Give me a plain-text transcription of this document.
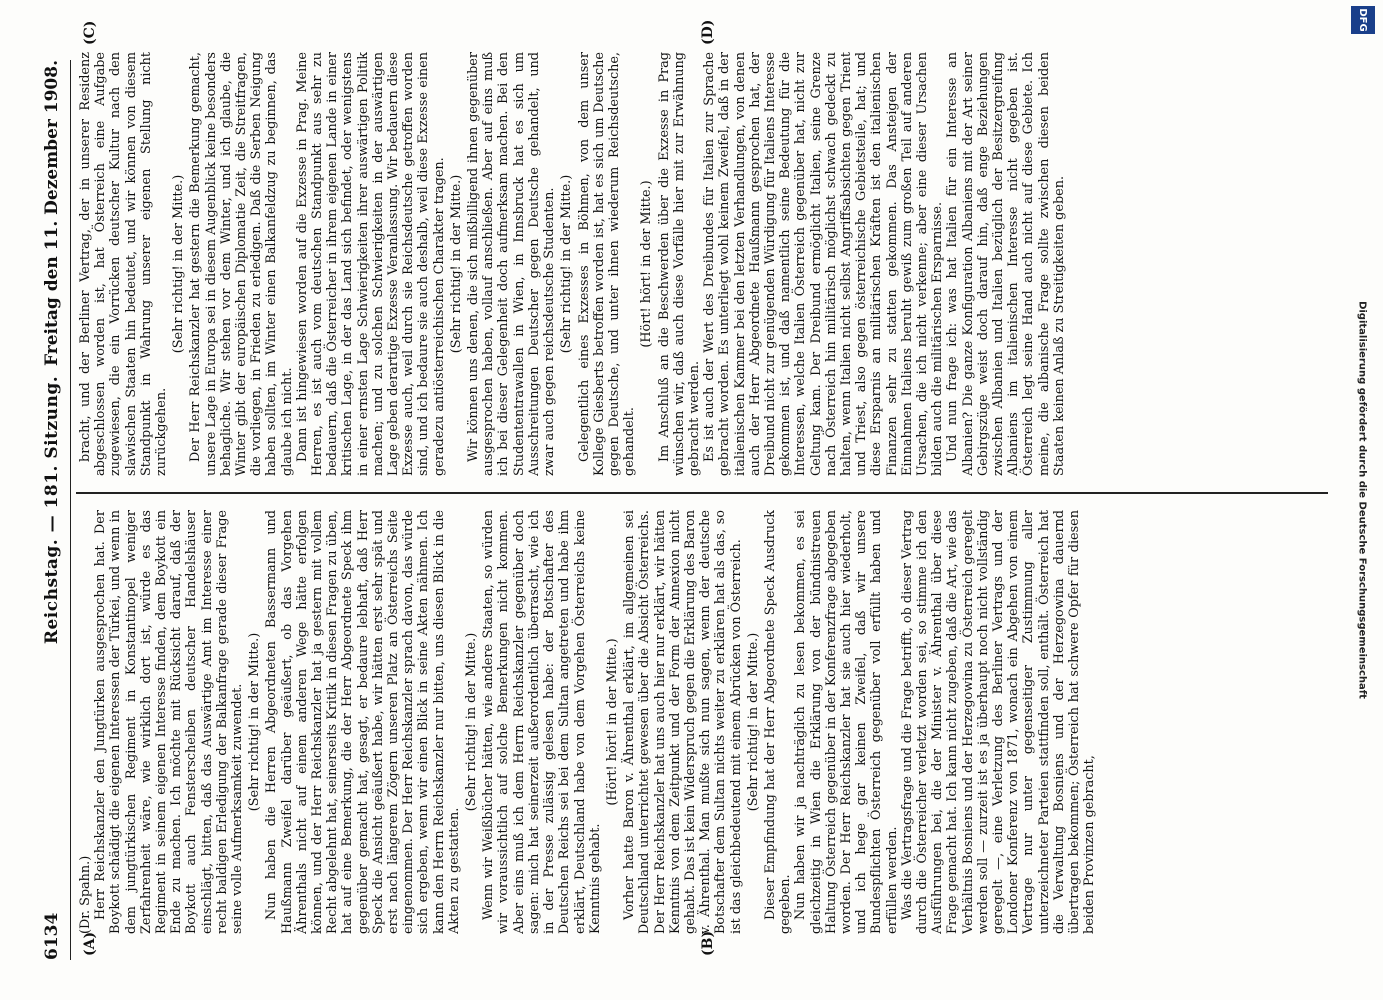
6134
Reichstag. — 181. Sitzung.
Freitag den 11. Dezember 1908.
(A)	(B)
(C)	(D)

(Dr. Spahn.) Herr Reichskanzler den Jungtürken ausgesprochen hat. Der Boykott schädigt die eigenen Interessen der Türkei, und wenn in dem jungtürkischen Regiment in Konstantinopel weniger Zerfahrenheit wäre, wie wirklich dort ist, würde es das Regiment in seinem eigenen Interesse finden, dem Boykott ein Ende zu machen. Ich möchte mit Rücksicht darauf, daß der Boykott auch Fensterscheiben deutscher Handelshäuser einschlägt, bitten, daß das Auswärtige Amt im Interesse einer recht baldigen Erledigung der Balkanfrage gerade dieser Frage seine volle Aufmerksamkeit zuwendet. (Sehr richtig! in der Mitte.) Nun haben die Herren Abgeordneten Bassermann und Haußmann Zweifel darüber geäußert, ob das Vorgehen Ährenthals nicht auf einem anderen Wege hätte erfolgen können, und der Herr Reichskanzler hat ja gestern mit vollem Recht abgelehnt hat, seinerseits Kritik in diesen Fragen zu üben, hat auf eine Bemerkung, die der Herr Abgeordnete Speck ihm gegenüber gemacht hat, gesagt, er bedaure lebhaft, daß Herr Speck die Ansicht geäußert habe, wir hätten erst sehr spät und erst nach längerem Zögern unseren Platz an Österreichs Seite eingenommen. Der Herr Reichskanzler sprach davon, das würde sich ergeben, wenn wir einen Blick in seine Akten nähmen. Ich kann den Herrn Reichskanzler nur bitten, uns diesen Blick in die Akten zu gestatten.

(Sehr richtig! in der Mitte.) Wenn wir Weißbücher hätten, wie andere Staaten, so würden wir voraussichtlich auf solche Bemerkungen nicht kommen. Aber eins muß ich dem Herrn Reichskanzler gegenüber doch sagen: mich hat seinerzeit außerordentlich überrascht, wie ich in der Presse zulässig gelesen habe: der Botschafter des Deutschen Reichs sei bei dem Sultan angetreten und habe ihm erklärt, Deutschland habe von dem Vorgehen Österreichs keine Kenntnis gehabt.

(Hört! hört! in der Mitte.) Vorher hatte Baron v. Ährenthal erklärt, im allgemeinen sei Deutschland unterrichtet gewesen über die Absicht Österreichs. Der Herr Reichskanzler hat uns auch hier nur erklärt, wir hätten Kenntnis von dem Zeitpunkt und der Form der Annexion nicht gehabt. Das ist kein Widerspruch gegen die Erklärung des Baron v. Ährenthal. Man mußte sich nun sagen, wenn der deutsche Botschafter dem Sultan nichts weiter zu erklären hat als das, so ist das gleichbedeutend mit einem Abrücken von Österreich. (Sehr richtig! in der Mitte.) Dieser Empfindung hat der Herr Abgeordnete Speck Ausdruck gegeben. Nun haben wir ja nachträglich zu lesen bekommen, es sei gleichzeitig in Wien die Erklärung von der bündnistreuen Haltung Österreich gegenüber in der Konferenzfrage abgegeben worden. Der Herr Reichskanzler hat sie auch hier wiederholt, und ich hege gar keinen Zweifel, daß wir unsere Bundespflichten Österreich gegenüber voll erfüllt haben und erfüllen werden. Was die Vertragsfrage und die Frage betrifft, ob dieser Vertrag durch die Österreicher verletzt worden sei, so stimme ich den Ausführungen bei, die der Minister v. Ährenthal über diese Frage gemacht hat. Ich kann nicht zugeben, daß die Art, wie das Verhältnis Bosniens und der Herzegowina zu Österreich geregelt werden soll — zurzeit ist es ja überhaupt noch nicht vollständig geregelt —, eine Verletzung des Berliner Vertrags und der Londoner Konferenz von 1871, wonach ein Abgehen von einem Vertrage nur unter gegenseitiger Zustimmung aller unterzeichneter Parteien stattfinden soll, enthält. Österreich hat die Verwaltung Bosniens und der Herzegowina dauernd übertragen bekommen; Österreich hat schwere Opfer für diesen beiden Provinzen gebracht,

bracht, und der Berliner Vertrag, der in unserer Residenz abgeschlossen worden ist, hat Österreich eine Aufgabe zugewiesen, die ein Vorrücken deutscher Kultur nach den slawischen Staaten hin bedeutet, und wir können von diesem Standpunkt in Wahrung unserer eigenen Stellung nicht zurückgehen.

(Sehr richtig! in der Mitte.) Der Herr Reichskanzler hat gestern die Bemerkung gemacht, unsere Lage in Europa sei in diesem Augenblick keine besonders behagliche. Wir stehen vor dem Winter, und ich glaube, die Winter gibt der europäischen Diplomatie Zeit, die Streitfragen, die vorliegen, in Frieden zu erledigen. Daß die Serben Neigung haben sollten, im Winter einen Balkanfeldzug zu beginnen, das glaube ich nicht. Dann ist hingewiesen worden auf die Exzesse in Prag. Meine Herren, es ist auch vom deutschen Standpunkt aus sehr zu bedauern, daß die Österreicher in ihrem eigenen Lande in einer kritischen Lage, in der das Land sich befindet, oder wenigstens in einer ernsten Lage Schwierigkeiten ihrer auswärtigen Politik machen; und zu solchen Schwierigkeiten in der auswärtigen Lage geben derartige Exzesse Veranlassung. Wir bedauern diese Exzesse auch, weil durch sie Reichsdeutsche getroffen worden sind, und ich bedaure sie auch deshalb, weil diese Exzesse einen geradezu antiösterreichischen Charakter tragen. (Sehr richtig! in der Mitte.) Wir können uns denen, die sich mißbilligend ihnen gegenüber ausgesprochen haben, vollauf anschließen. Aber auf eins muß ich bei dieser Gelegenheit doch aufmerksam machen. Bei den Studententrawallen in Wien, in Innsbruck hat es sich um Ausschreitungen Deutscher gegen Deutsche gehandelt, und zwar auch gegen reichsdeutsche Studenten. (Sehr richtig! in der Mitte.) Gelegentlich eines Exzesses in Böhmen, von dem unser Kollege Giesberts betroffen worden ist, hat es sich um Deutsche gegen Deutsche, und unter ihnen wiederum Reichsdeutsche, gehandelt.

(Hört! hört! in der Mitte.) Im Anschluß an die Beschwerden über die Exzesse in Prag wünschen wir, daß auch diese Vorfälle hier mit zur Erwähnung gebracht werden. Es ist auch der Wert des Dreibundes für Italien zur Sprache gebracht worden. Es unterliegt wohl keinem Zweifel, daß in der italienischen Kammer bei den letzten Verhandlungen, von denen auch der Herr Abgeordnete Haußmann gesprochen hat, der Dreibund nicht zur genügenden Würdigung für Italiens Interesse gekommen ist, und daß namentlich seine Bedeutung für die Interessen, welche Italien Österreich gegenüber hat, nicht zur Geltung kam. Der Dreibund ermöglicht Italien, seine Grenze nach Österreich hin militärisch möglichst schwach gedeckt zu halten, wenn Italien nicht selbst Angriffsabsichten gegen Trient und Triest, also gegen österreichische Gebietsteile, hat; und diese Ersparnis an militärischen Kräften ist den italienischen Finanzen sehr zu statten gekommen. Das Ansteigen der Einnahmen Italiens beruht gewiß zum großen Teil auf anderen Ursachen, die ich nicht verkenne; aber eine dieser Ursachen bilden auch die militärischen Ersparnisse. Und nun frage ich: was hat Italien für ein Interesse an Albanien? Die ganze Konfiguration Albaniens mit der Art seiner Gebirgszüge weist doch darauf hin, daß enge Beziehungen zwischen Albanien und Italien bezüglich der Besitzergreifung Albaniens im italienischen Interesse nicht gegeben ist. Österreich legt seine Hand auch nicht auf diese Gebiete. Ich meine, die albanische Frage sollte zwischen diesen beiden Staaten keinen Anlaß zu Streitigkeiten geben.	Digitalisierung gefördert durch die Deutsche Forschungsgemeinschaft
DFG
